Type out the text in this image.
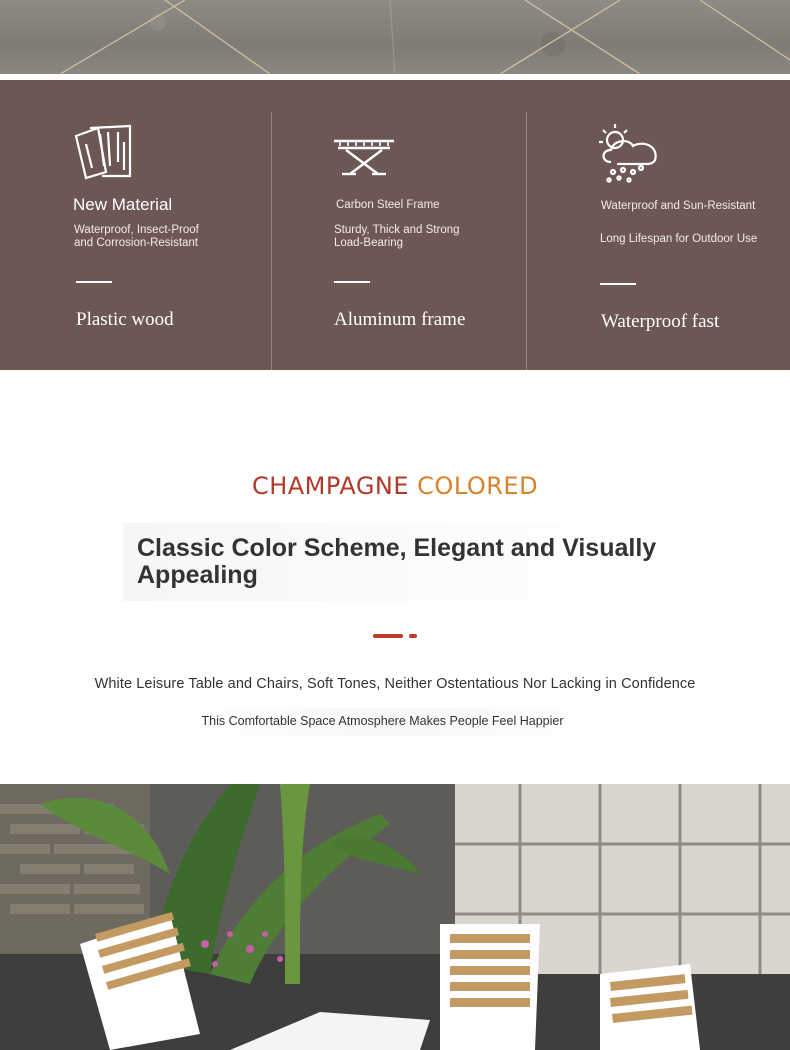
New Material
Waterproof, Insect-Proof
and Corrosion-Resistant
Plastic wood
Carbon Steel Frame
Sturdy, Thick and Strong
Load-Bearing
Aluminum frame
Waterproof and Sun-Resistant
Long Lifespan for Outdoor Use
Waterproof fast
CHAMPAGNE COLORED
Classic Color Scheme, Elegant and Visually Appealing
White Leisure Table and Chairs, Soft Tones, Neither Ostentatious Nor Lacking in Confidence
This Comfortable Space Atmosphere Makes People Feel Happier
